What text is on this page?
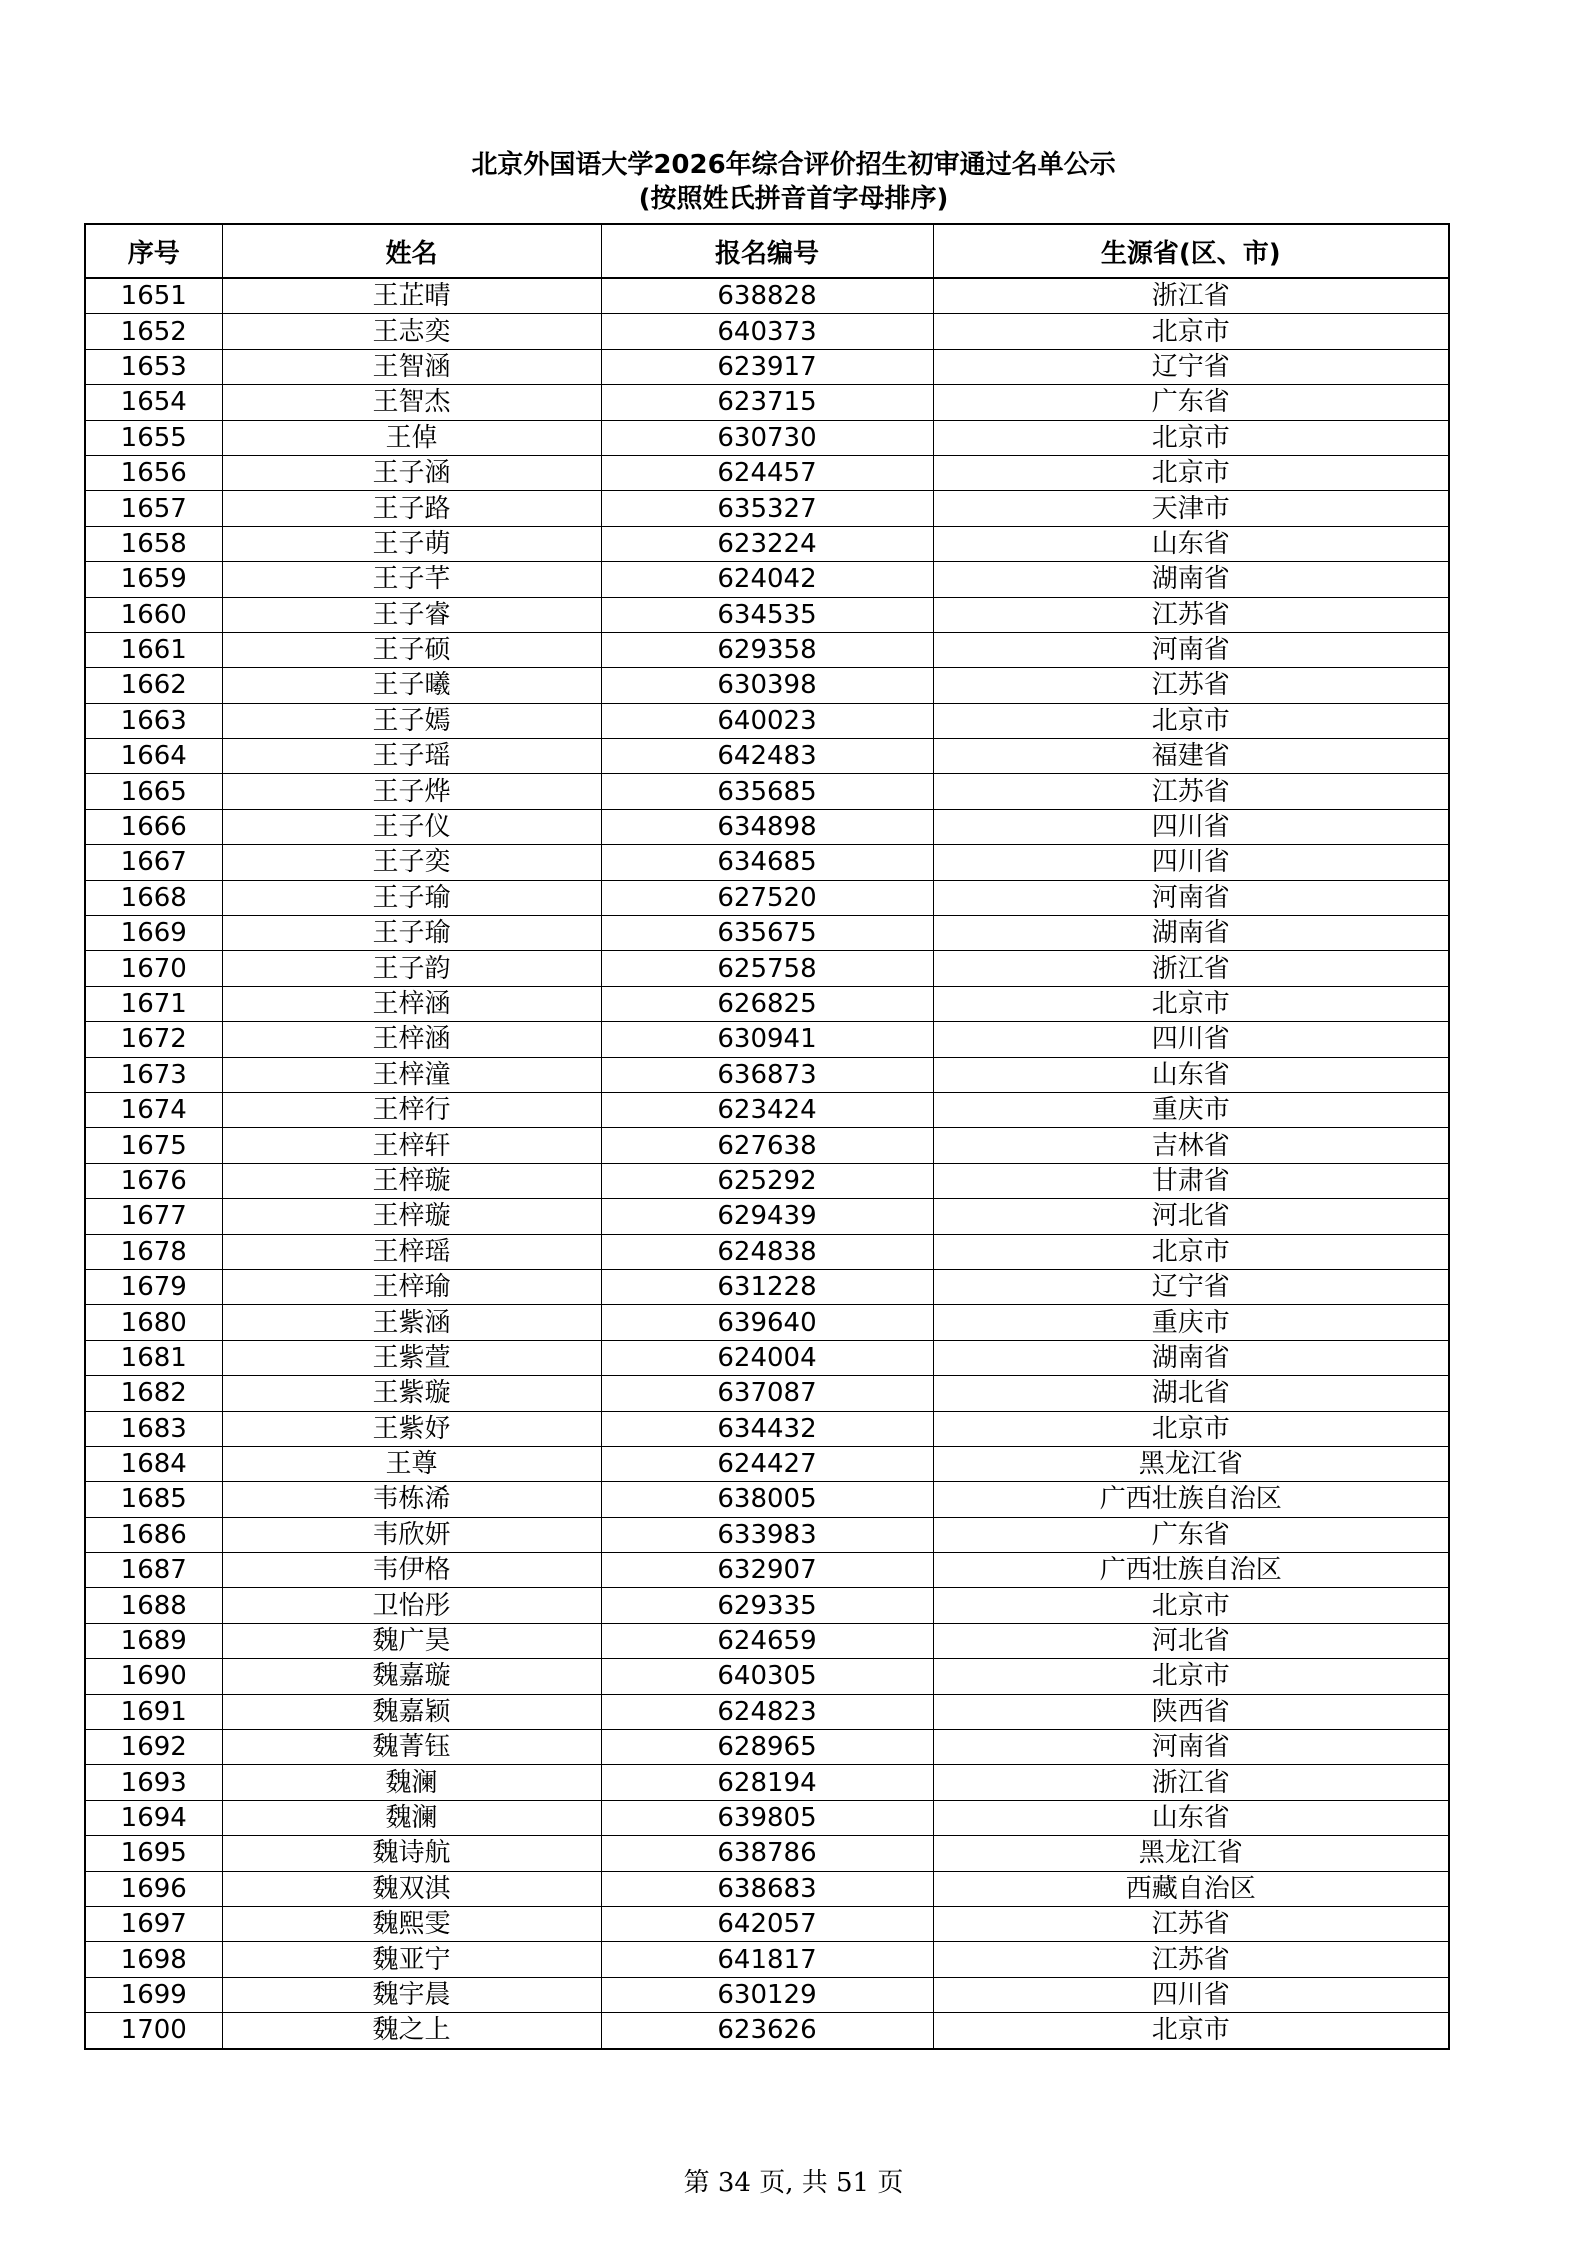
北京外国语大学2026年综合评价招生初审通过名单公示
(按照姓氏拼音首字母排序)
序号	姓名	报名编号	生源省(区、市)
1651	王芷晴	638828	浙江省
1652	王志奕	640373	北京市
1653	王智涵	623917	辽宁省
1654	王智杰	623715	广东省
1655	王倬	630730	北京市
1656	王子涵	624457	北京市
1657	王子路	635327	天津市
1658	王子萌	623224	山东省
1659	王子芊	624042	湖南省
1660	王子睿	634535	江苏省
1661	王子硕	629358	河南省
1662	王子曦	630398	江苏省
1663	王子嫣	640023	北京市
1664	王子瑶	642483	福建省
1665	王子烨	635685	江苏省
1666	王子仪	634898	四川省
1667	王子奕	634685	四川省
1668	王子瑜	627520	河南省
1669	王子瑜	635675	湖南省
1670	王子韵	625758	浙江省
1671	王梓涵	626825	北京市
1672	王梓涵	630941	四川省
1673	王梓潼	636873	山东省
1674	王梓行	623424	重庆市
1675	王梓轩	627638	吉林省
1676	王梓璇	625292	甘肃省
1677	王梓璇	629439	河北省
1678	王梓瑶	624838	北京市
1679	王梓瑜	631228	辽宁省
1680	王紫涵	639640	重庆市
1681	王紫萱	624004	湖南省
1682	王紫璇	637087	湖北省
1683	王紫妤	634432	北京市
1684	王尊	624427	黑龙江省
1685	韦栋浠	638005	广西壮族自治区
1686	韦欣妍	633983	广东省
1687	韦伊格	632907	广西壮族自治区
1688	卫怡彤	629335	北京市
1689	魏广昊	624659	河北省
1690	魏嘉璇	640305	北京市
1691	魏嘉颖	624823	陕西省
1692	魏菁钰	628965	河南省
1693	魏澜	628194	浙江省
1694	魏澜	639805	山东省
1695	魏诗航	638786	黑龙江省
1696	魏双淇	638683	西藏自治区
1697	魏熙雯	642057	江苏省
1698	魏亚宁	641817	江苏省
1699	魏宇晨	630129	四川省
1700	魏之上	623626	北京市
第 34 页, 共 51 页
